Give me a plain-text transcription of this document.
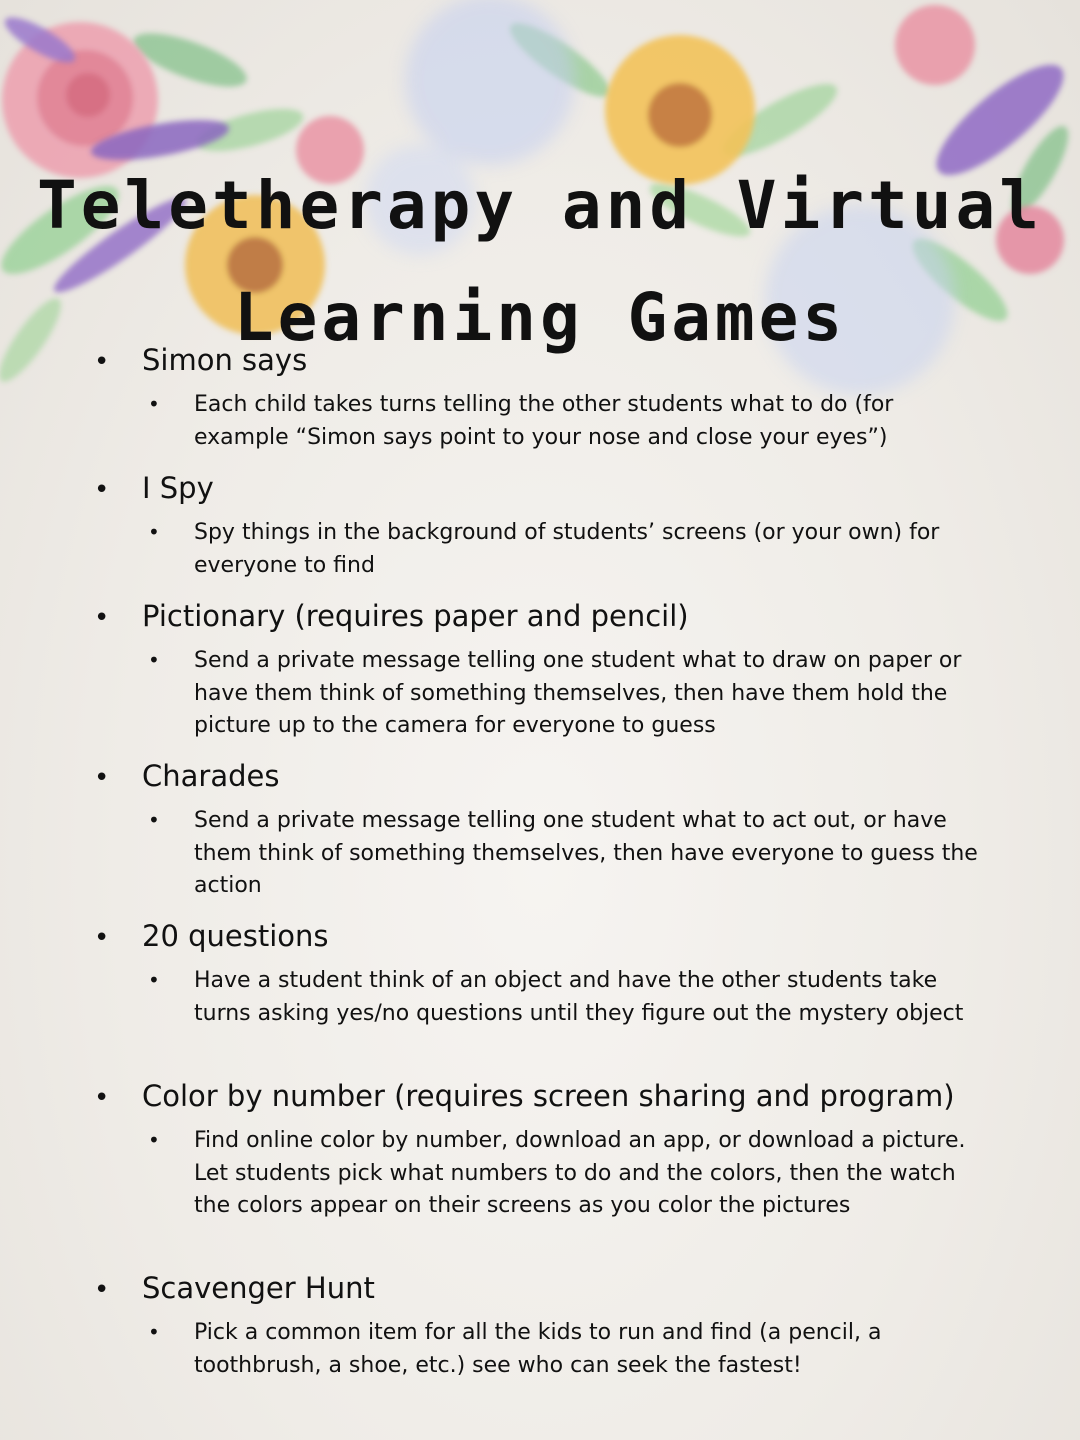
Teletherapy and Virtual
Learning Games
•	Simon says
•	Each child takes turns telling the other students what to do (for example “Simon says point to your nose and close your eyes”)
•	I Spy
•	Spy things in the background of students’ screens (or your own) for everyone to find
•	Pictionary (requires paper and pencil)
•	Send a private message telling one student what to draw on paper or have them think of something themselves, then have them hold the picture up to the camera for everyone to guess
•	Charades
•	Send a private message telling one student what to act out, or have them think of something themselves, then have everyone to guess the action
•	20 questions
•	Have a student think of an object and have the other students take turns asking yes/no questions until they figure out the mystery object
•	Color by number (requires screen sharing and program)
•	Find online color by number, download an app, or download a picture. Let students pick what numbers to do and the colors, then the watch the colors appear on their screens as you color the pictures
•	Scavenger Hunt
•	Pick a common item for all the kids to run and find (a pencil, a toothbrush, a shoe, etc.) see who can seek the fastest!
